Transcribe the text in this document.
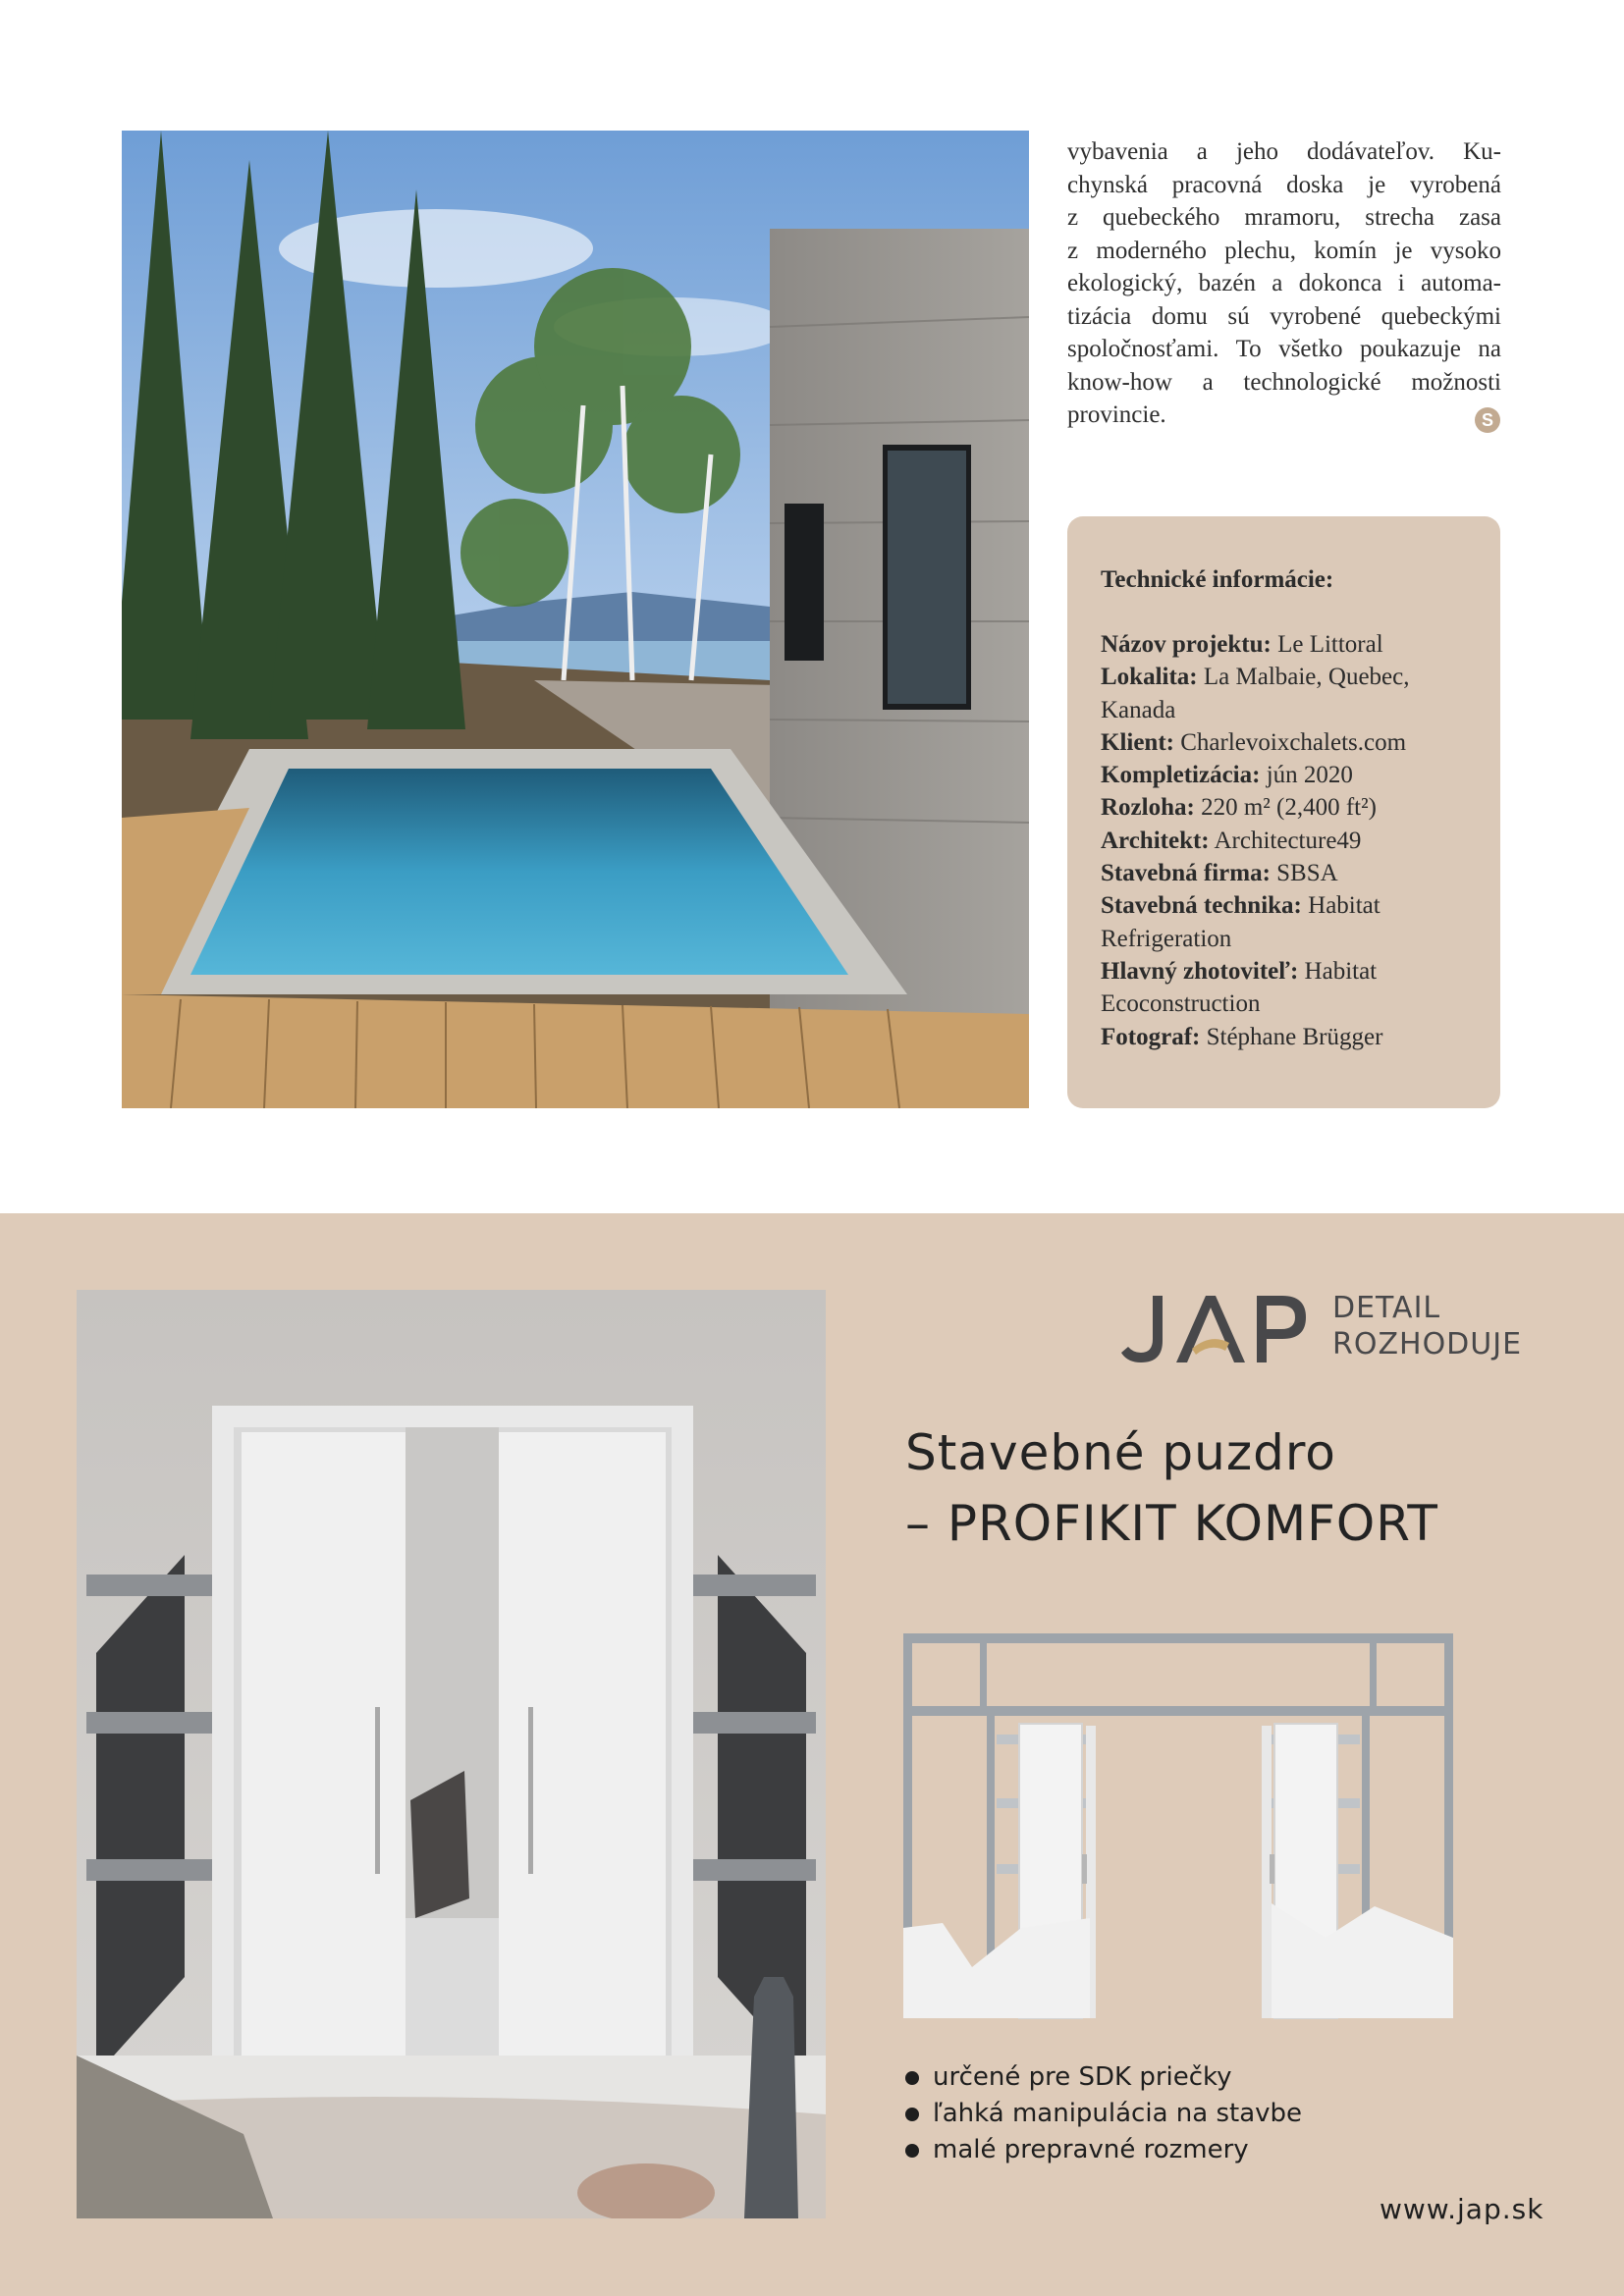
vybavenia a jeho dodávateľov. Ku-
chynská pracovná doska je vyrobená
z quebeckého mramoru, strecha zasa
z moderného plechu, komín je vysoko
ekologický, bazén a dokonca i automa-
tizácia domu sú vyrobené quebeckými
spoločnosťami. To všetko poukazuje na
know-how a technologické možnosti
provincie.	S

Technické informácie:

Názov projektu: Le Littoral

Lokalita: La Malbaie, Quebec,

Kanada

Klient: Charlevoixchalets.com

Kompletizácia: jún 2020

Rozloha: 220 m² (2,400 ft²)

Architekt: Architecture49

Stavebná firma: SBSA

Stavebná technika: Habitat

Refrigeration

Hlavný zhotoviteľ: Habitat

Ecoconstruction

Fotograf: Stéphane Brügger

DETAIL
ROZHODUJE
Stavebné puzdro
– PROFIKIT KOMFORT
určené pre SDK priečky
ľahká manipulácia na stavbe
malé prepravné rozmery
www.jap.sk
